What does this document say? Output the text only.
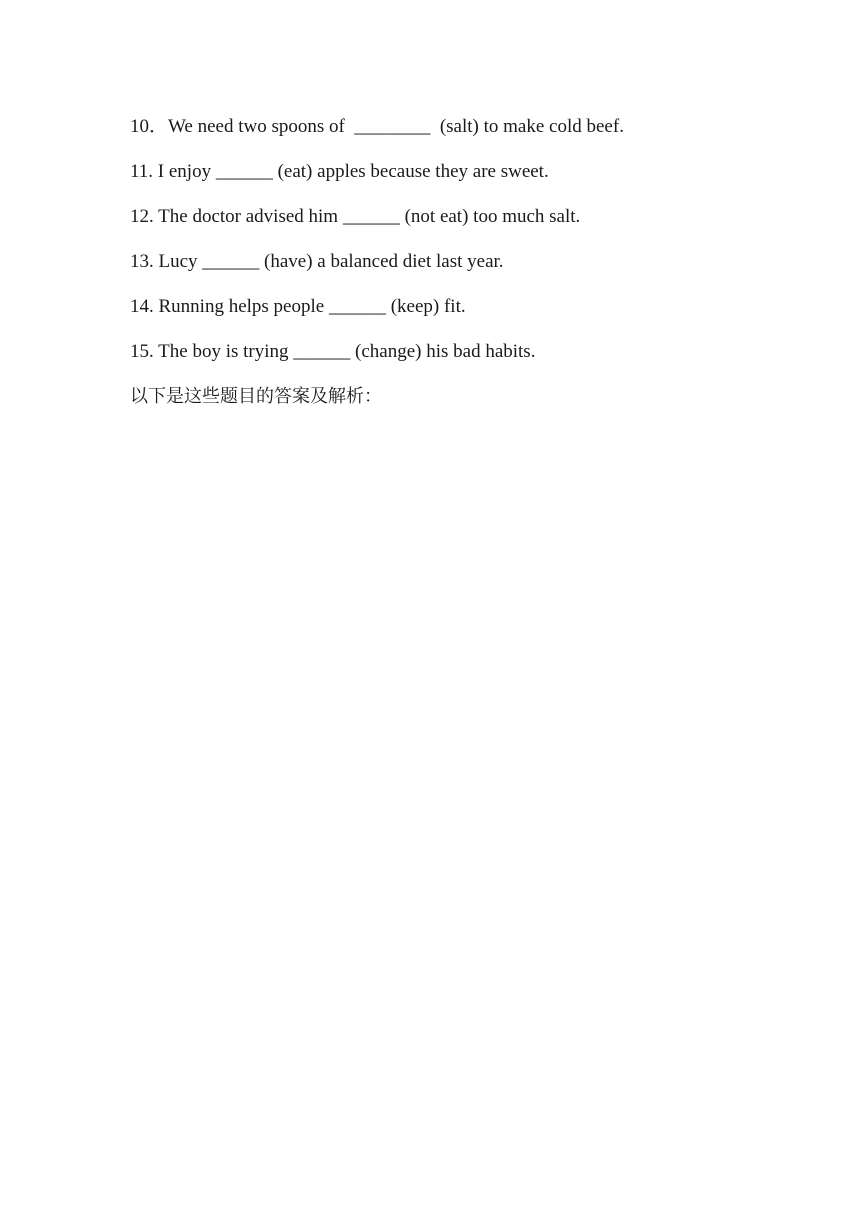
10．We need two spoons of  ________  (salt) to make cold beef.
11. I enjoy ______ (eat) apples because they are sweet.
12. The doctor advised him ______ (not eat) too much salt.
13. Lucy ______ (have) a balanced diet last year.
14. Running helps people ______ (keep) fit.
15. The boy is trying ______ (change) his bad habits.
以下是这些题目的答案及解析：
